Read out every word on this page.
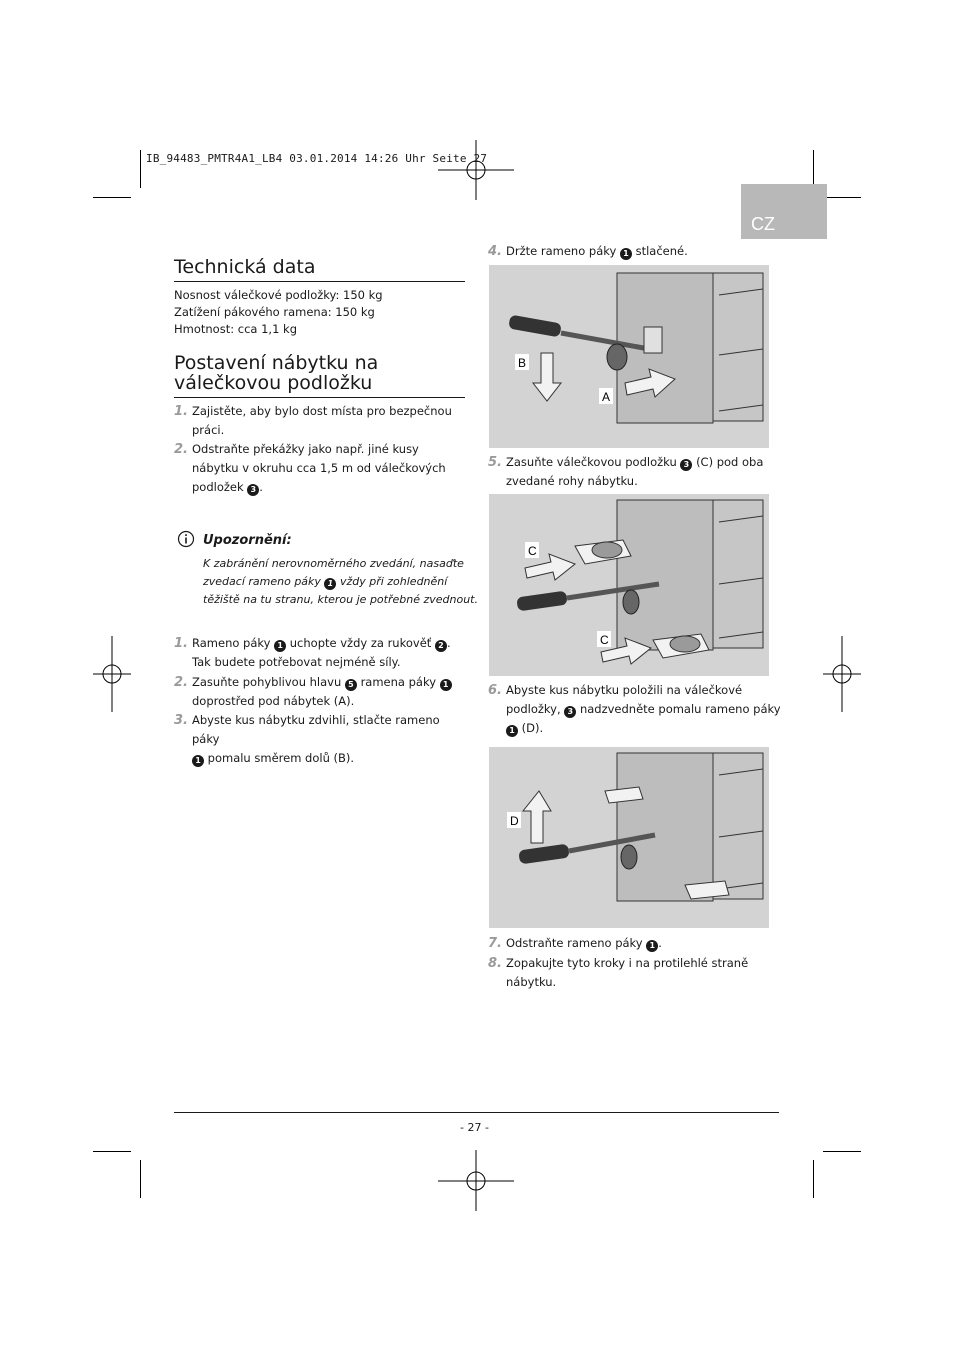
IB_94483_PMTR4A1_LB4 03.01.2014 14:26 Uhr Seite 27
CZ
Technická data
Nosnost válečkové podložky: 150 kg
Zatížení pákového ramena: 150 kg
Hmotnost: cca 1,1 kg
Postavení nábytku na
válečkovou podložku
1. Zajistěte, aby bylo dost místa pro bezpečnou
práci.
2. Odstraňte překážky jako např. jiné kusy
nábytku v okruhu cca 1,5 m od válečkových
podložek 3 .
Upozornění:
K zabránění nerovnoměrného zvedání, nasaďte
zvedací rameno páky 1 vždy při zohlednění
těžiště na tu stranu, kterou je potřebné zvednout.
1. Rameno páky 1 uchopte vždy za rukověť 2 .
Tak budete potřebovat nejméně síly.
2. Zasuňte pohyblivou hlavu 5 ramena páky 1
doprostřed pod nábytek (A).
3. Abyste kus nábytku zdvihli, stlačte rameno páky
1 pomalu směrem dolů (B).
4. Držte rameno páky 1 stlačené.
B
A
5. Zasuňte válečkovou podložku 3 (C) pod oba
zvedané rohy nábytku.
C
C
6. Abyste kus nábytku položili na válečkové
podložky, 3 nadzvedněte pomalu rameno páky
1 (D).
D
7. Odstraňte rameno páky 1 .
8. Zopakujte tyto kroky i na protilehlé straně
nábytku.
- 27 -
